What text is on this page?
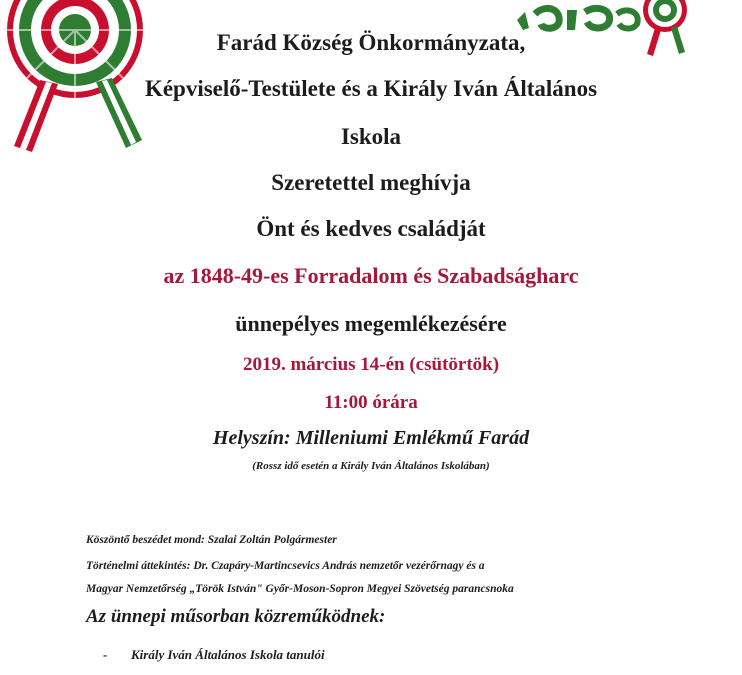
Farád Község Önkormányzata,
Képviselő-Testülete és a Király Iván Általános
Iskola
Szeretettel meghívja
Önt és kedves családját
az 1848-49-es Forradalom és Szabadságharc
ünnepélyes megemlékezésére
2019. március 14-én (csütörtök)
11:00 órára
Helyszín: Milleniumi Emlékmű Farád
(Rossz idő esetén a Király Iván Általános Iskolában)
Köszöntő beszédet mond: Szalai Zoltán Polgármester
Történelmi áttekintés: Dr. Czapáry-Martincsevics András nemzetőr vezérőrnagy és a
Magyar Nemzetőrség „Török István" Győr-Moson-Sopron Megyei Szövetség parancsnoka
Az ünnepi műsorban közreműködnek:
- Király Iván Általános Iskola tanulói
